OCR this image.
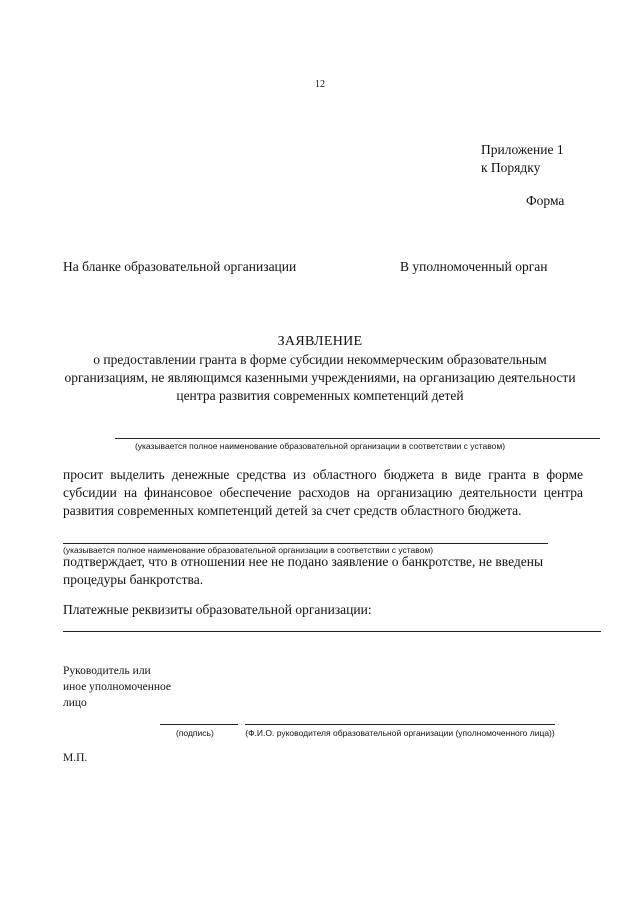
12
Приложение 1
к Порядку
Форма
На бланке образовательной организации	В уполномоченный орган
ЗАЯВЛЕНИЕ
о предоставлении гранта в форме субсидии некоммерческим образовательным организациям, не являющимся казенными учреждениями, на организацию деятельности центра развития современных компетенций детей
(указывается полное наименование образовательной организации в соответствии с уставом)
просит выделить денежные средства из областного бюджета в виде гранта в форме субсидии на финансовое обеспечение расходов на организацию деятельности центра развития современных компетенций детей за счет средств областного бюджета.
(указывается полное наименование образовательной организации в соответствии с уставом)
подтверждает, что в отношении нее не подано заявление о банкротстве, не введены процедуры банкротства.
Платежные реквизиты образовательной организации:
Руководитель или иное уполномоченное лицо
(подпись)	(Ф.И.О. руководителя образовательной организации (уполномоченного лица))
М.П.
